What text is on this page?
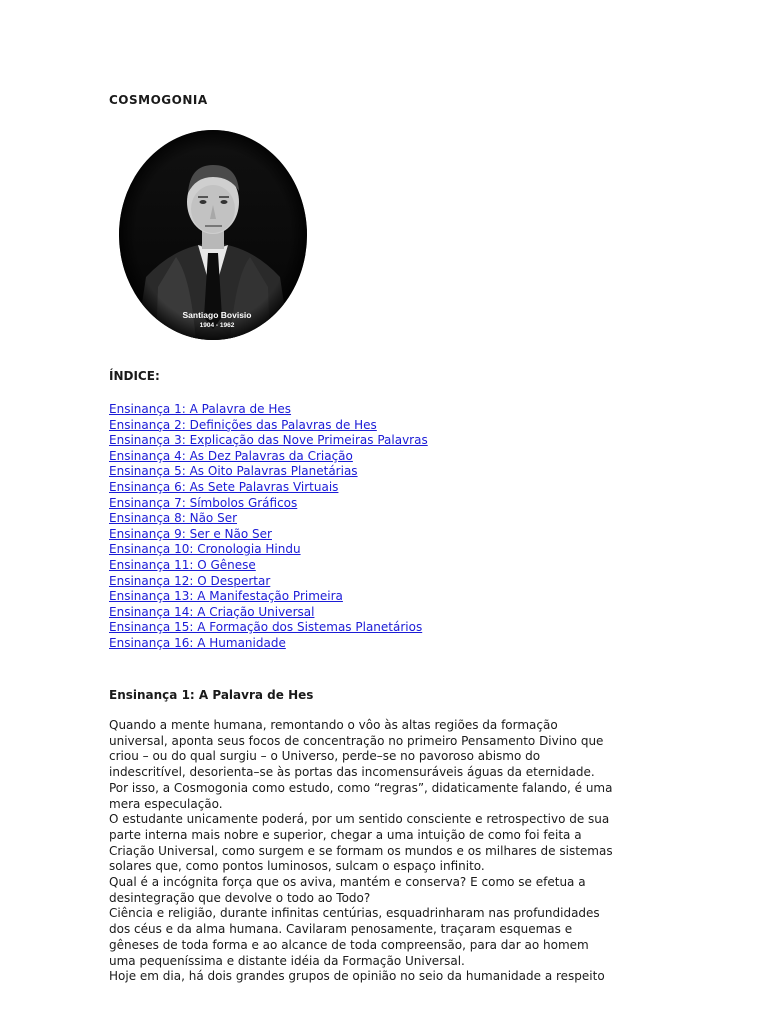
COSMOGONIA
Santiago Bovisio
1904 - 1962
ÍNDICE:
Ensinança 1: A Palavra de Hes
Ensinança 2: Definições das Palavras de Hes
Ensinança 3: Explicação das Nove Primeiras Palavras
Ensinança 4: As Dez Palavras da Criação
Ensinança 5: As Oito Palavras Planetárias
Ensinança 6: As Sete Palavras Virtuais
Ensinança 7: Símbolos Gráficos
Ensinança 8: Não Ser
Ensinança 9: Ser e Não Ser
Ensinança 10: Cronologia Hindu
Ensinança 11: O Gênese
Ensinança 12: O Despertar
Ensinança 13: A Manifestação Primeira
Ensinança 14: A Criação Universal
Ensinança 15: A Formação dos Sistemas Planetários
Ensinança 16: A Humanidade
Ensinança 1: A Palavra de Hes

Quando a mente humana, remontando o vôo às altas regiões da formação
universal, aponta seus focos de concentração no primeiro Pensamento Divino que
criou – ou do qual surgiu – o Universo, perde–se no pavoroso abismo do
indescritível, desorienta–se às portas das incomensuráveis águas da eternidade.
Por isso, a Cosmogonia como estudo, como “regras”, didaticamente falando, é uma
mera especulação.

O estudante unicamente poderá, por um sentido consciente e retrospectivo de sua
parte interna mais nobre e superior, chegar a uma intuição de como foi feita a
Criação Universal, como surgem e se formam os mundos e os milhares de sistemas
solares que, como pontos luminosos, sulcam o espaço infinito.

Qual é a incógnita força que os aviva, mantém e conserva? E como se efetua a
desintegração que devolve o todo ao Todo?

Ciência e religião, durante infinitas centúrias, esquadrinharam nas profundidades
dos céus e da alma humana. Cavilaram penosamente, traçaram esquemas e
gêneses de toda forma e ao alcance de toda compreensão, para dar ao homem
uma pequeníssima e distante idéia da Formação Universal.

Hoje em dia, há dois grandes grupos de opinião no seio da humanidade a respeito
